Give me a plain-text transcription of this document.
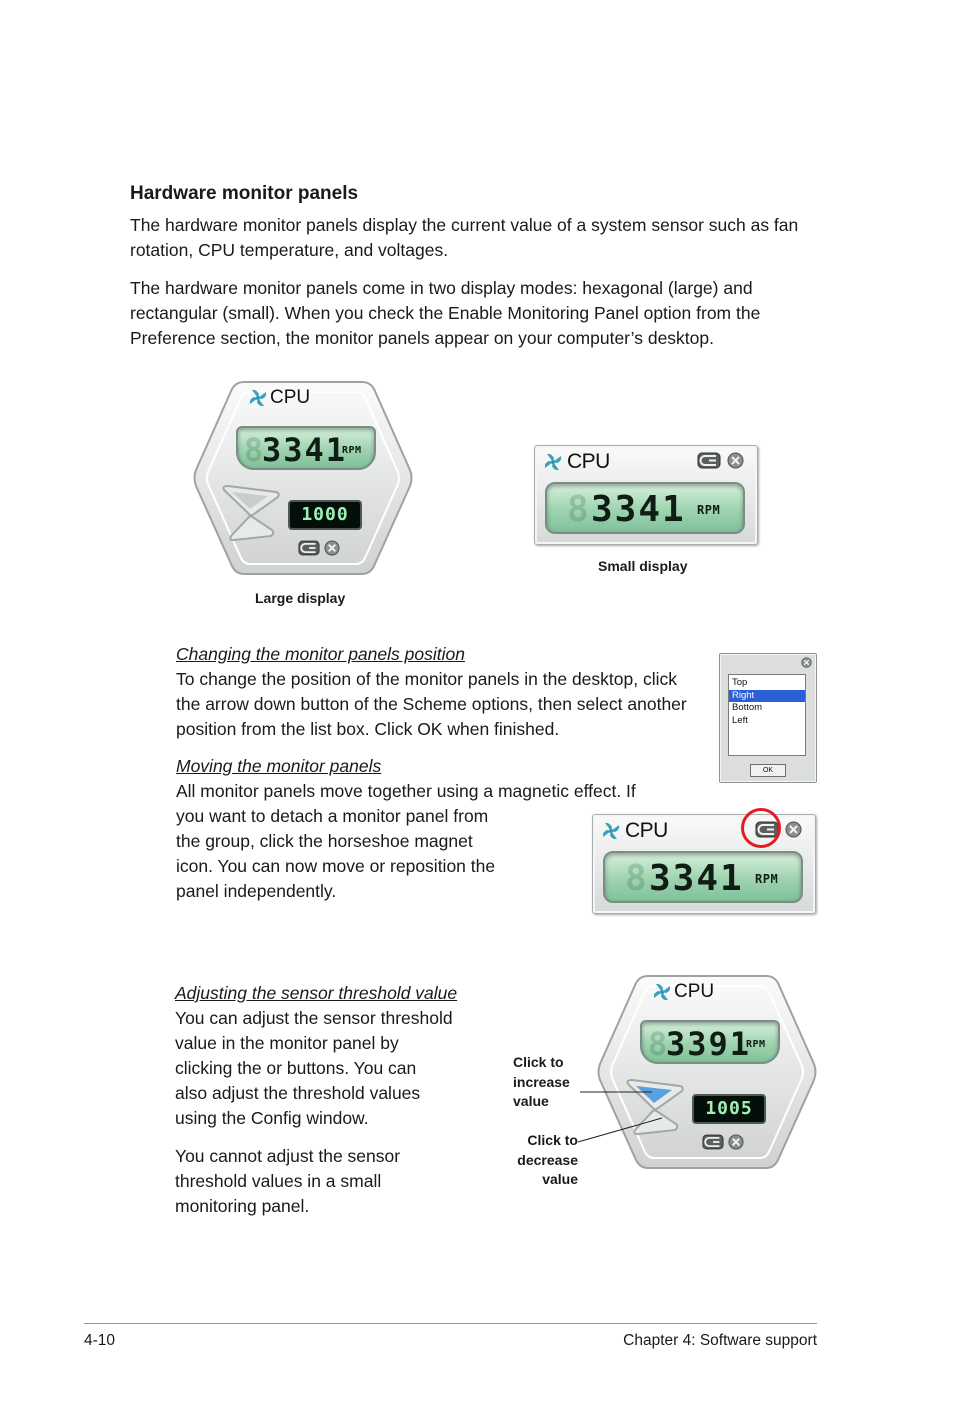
Hardware monitor panels

The hardware monitor panels display the current value of a system sensor such as fan rotation, CPU temperature, and voltages.

The hardware monitor panels come in two display modes: hexagonal (large) and rectangular (small). When you check the Enable Monitoring Panel option from the Preference section, the monitor panels appear on your computer’s desktop.

CPU
8
3341
RPM
1000
Large display
CPU
8 3341 RPM
Small display
Changing the monitor panels position

To change the position of the monitor panels in the desktop, click the arrow down button of the Scheme options, then select another position from the list box. Click OK when finished.

Top
Right
Bottom
Left
OK
Moving the monitor panels

All monitor panels move together using a magnetic effect. If

you want to detach a monitor panel from

the group, click the horseshoe magnet

icon. You can now move or reposition the

panel independently.

CPU
8 3341 RPM
Adjusting the sensor threshold value

You can adjust the sensor threshold

value in the monitor panel by

clicking the or buttons. You can

also adjust the threshold values

using the Config window.

You cannot adjust the sensor

threshold values in a small

monitoring panel.

CPU
8
3391
RPM
1005
Click to
increase
value
Click to
decrease
value
4-10	Chapter 4: Software support
